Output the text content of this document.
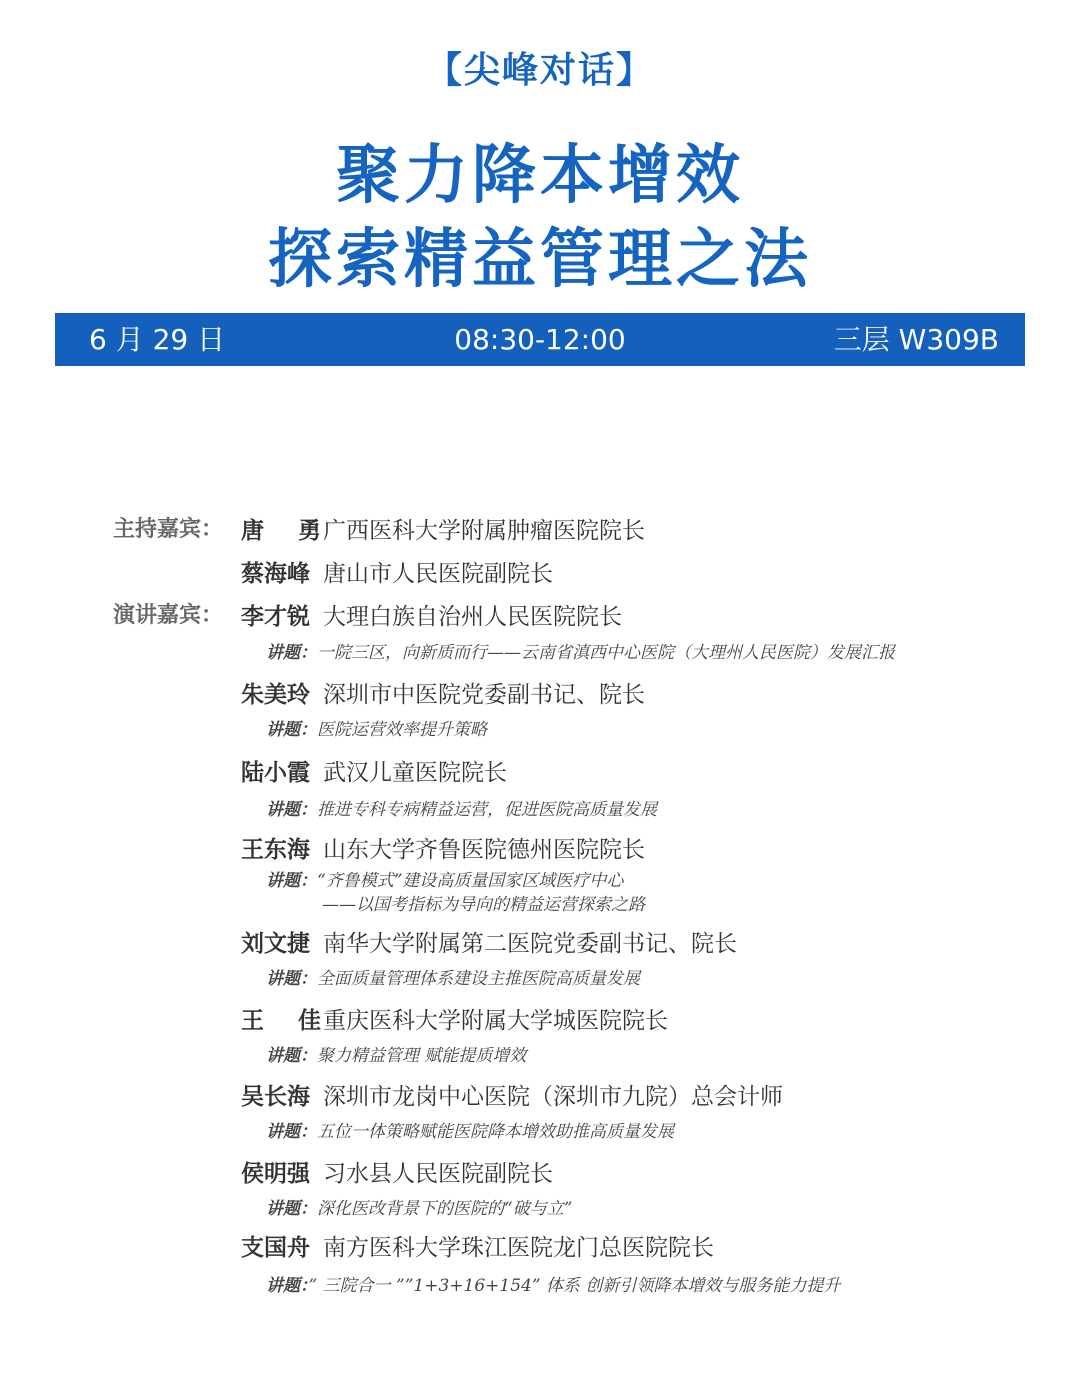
【尖峰对话】
聚力降本增效
探索精益管理之法
6 月 29 日	08:30-12:00	三层 W309B
主持嘉宾： 唐 勇
广西医科大学附属肿瘤医院院长
蔡海峰 唐山市人民医院副院长
演讲嘉宾： 李才锐 大理白族自治州人民医院院长
讲题：一院三区，向新质而行——云南省滇西中心医院（大理州人民医院）发展汇报
朱美玲 深圳市中医院党委副书记、院长
讲题：医院运营效率提升策略
陆小霞 武汉儿童医院院长
讲题：推进专科专病精益运营，促进医院高质量发展
王东海 山东大学齐鲁医院德州医院院长
讲题：“齐鲁模式”建设高质量国家区域医疗中心
——以国考指标为导向的精益运营探索之路
刘文捷 南华大学附属第二医院党委副书记、院长
讲题：全面质量管理体系建设主推医院高质量发展
王 佳
重庆医科大学附属大学城医院院长
讲题：聚力精益管理 赋能提质增效
吴长海 深圳市龙岗中心医院（深圳市九院）总会计师
讲题：五位一体策略赋能医院降本增效助推高质量发展
侯明强 习水县人民医院副院长
讲题：深化医改背景下的医院的“破与立”
支国舟 南方医科大学珠江医院龙门总医院院长
讲题：” 三院合一 ””1+3+16+154” 体系 创新引领降本增效与服务能力提升
